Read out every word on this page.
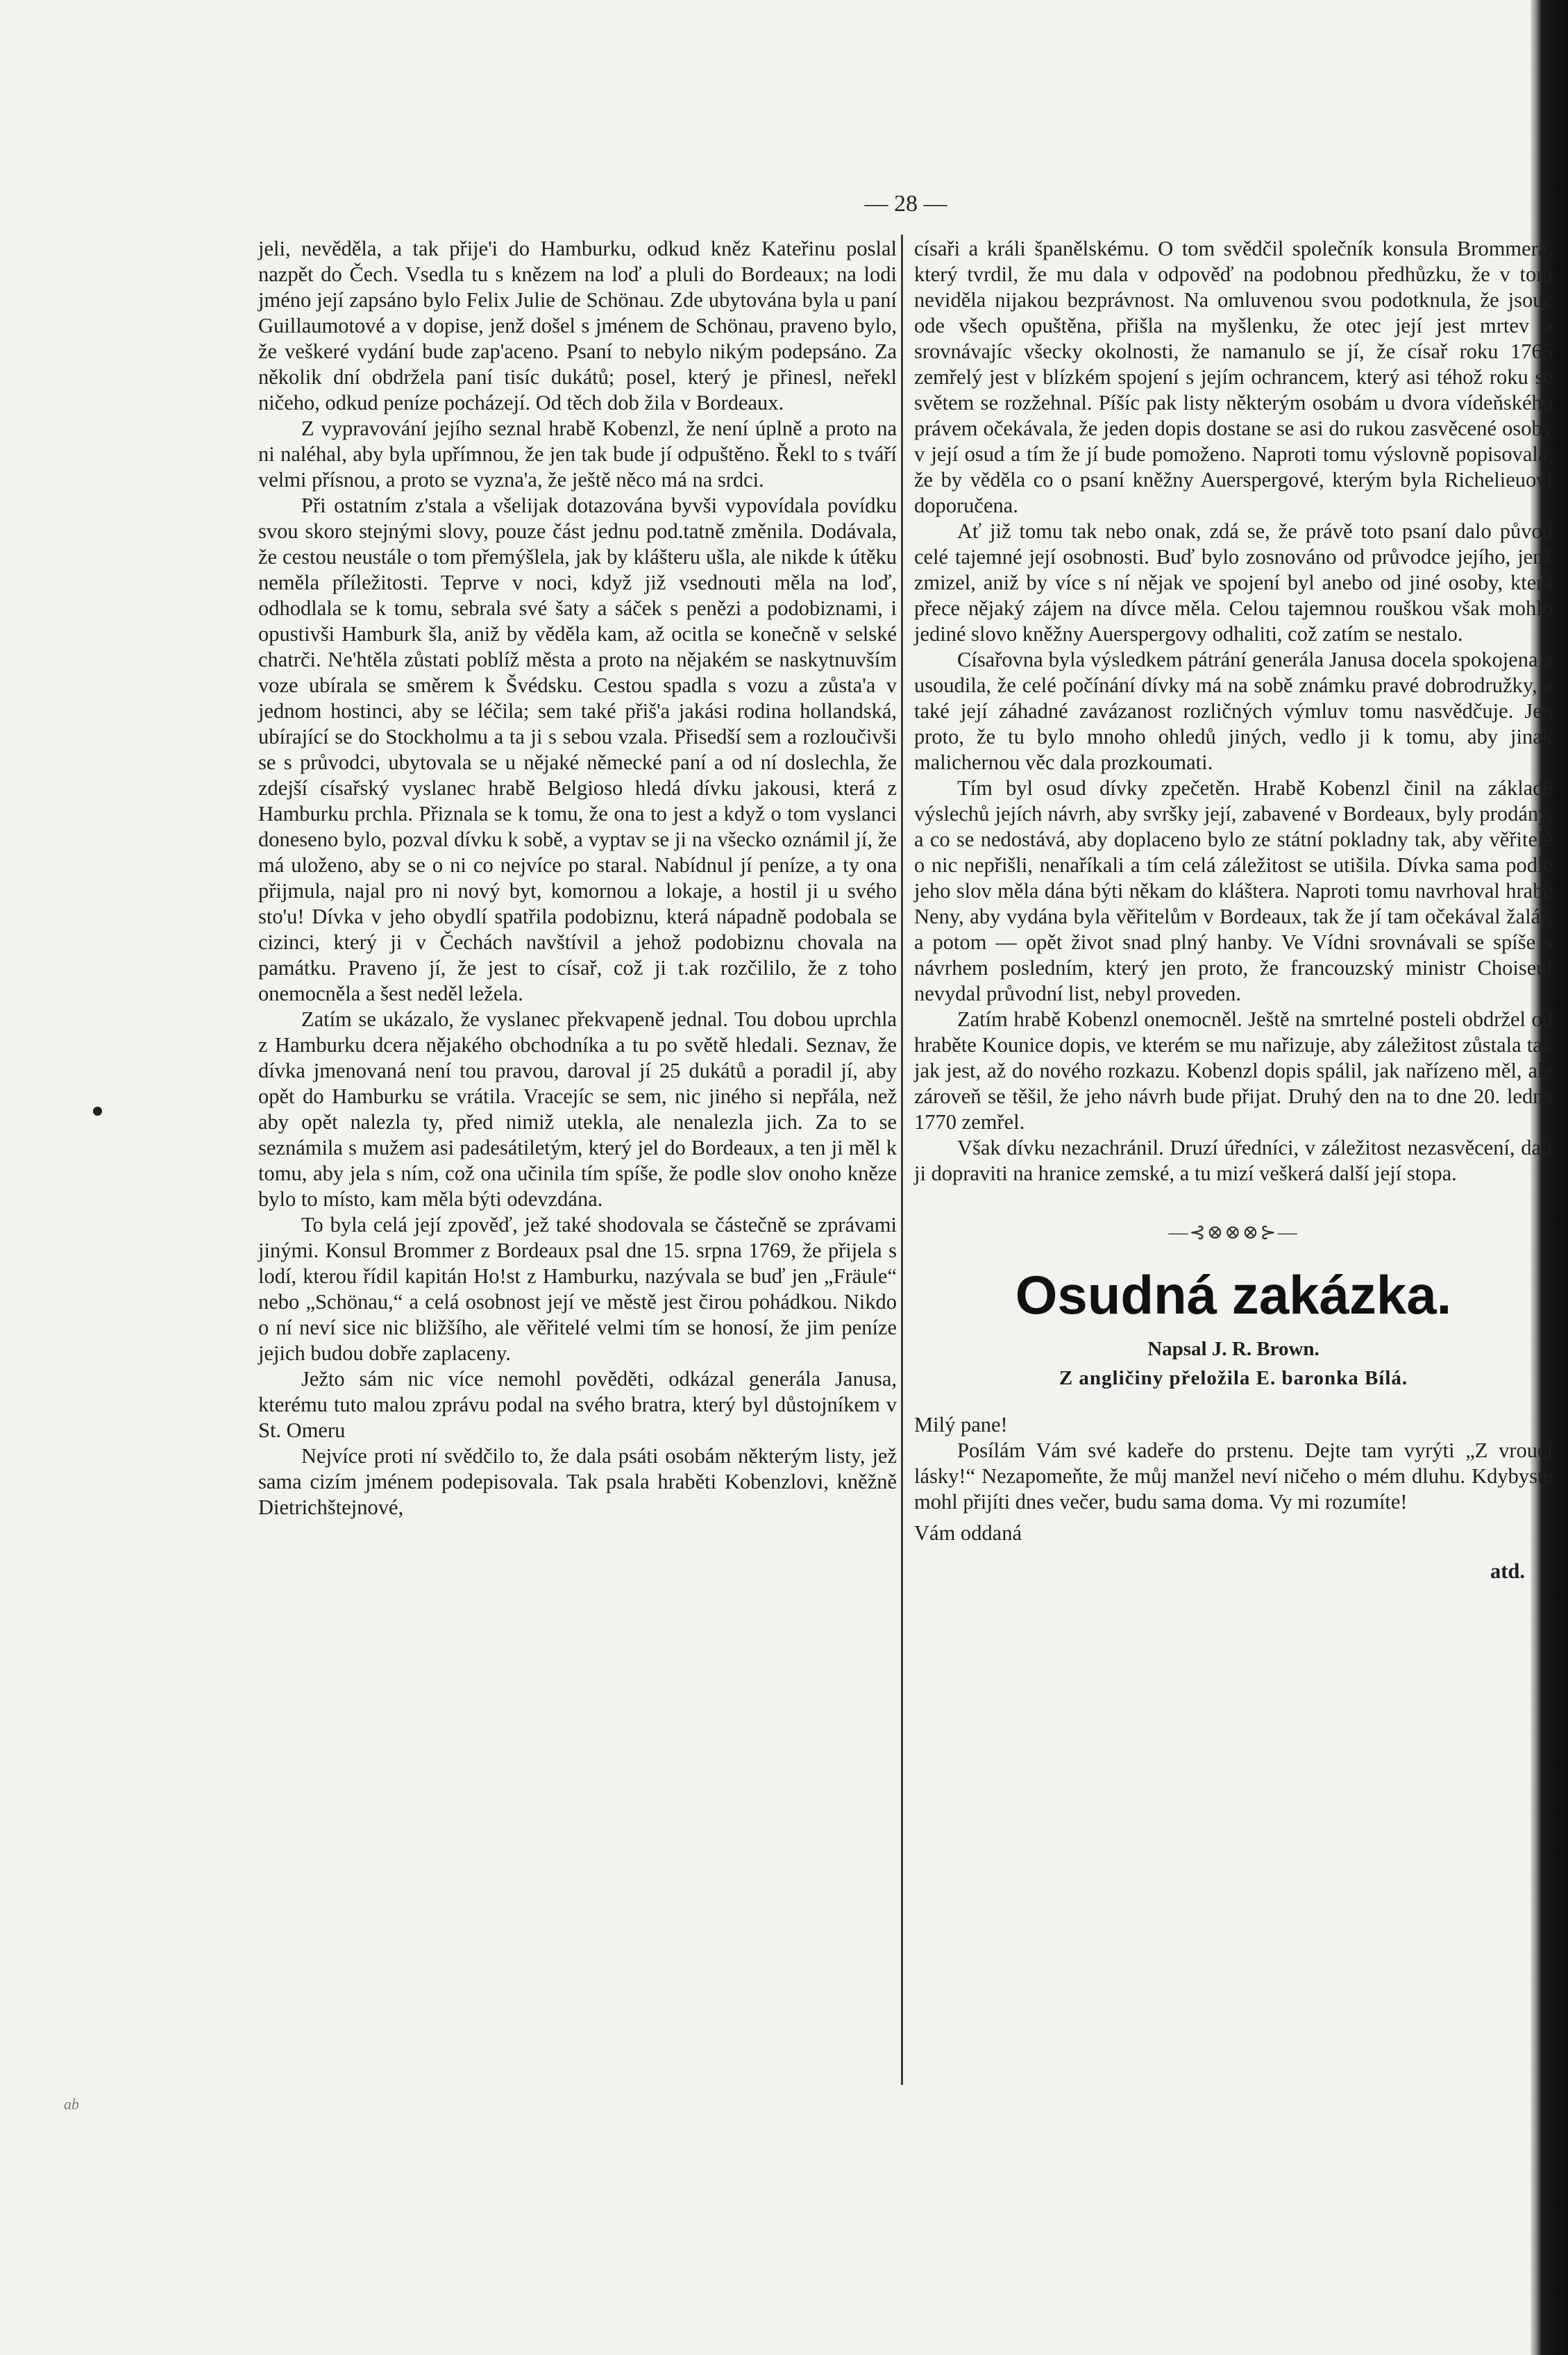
— 28 —

jeli, nevěděla, a tak přije'i do Hamburku, odkud kněz Kateřinu poslal nazpět do Čech. Vsedla tu s knězem na loď a pluli do Bordeaux; na lodi jméno její zapsáno bylo Felix Julie de Schönau. Zde ubytována byla u paní Guillaumotové a v dopise, jenž došel s jménem de Schönau, praveno bylo, že veškeré vydání bude zap'aceno. Psaní to nebylo nikým podepsáno. Za několik dní obdržela paní tisíc dukátů; posel, který je přinesl, neřekl ničeho, odkud peníze pocházejí. Od těch dob žila v Bordeaux.

Z vypravování jejího seznal hrabě Kobenzl, že není úplně a proto na ni naléhal, aby byla upřímnou, že jen tak bude jí odpuštěno. Řekl to s tváří velmi přísnou, a proto se vyzna'a, že ještě něco má na srdci.

Při ostatním z'stala a všelijak dotazována byvši vypovídala povídku svou skoro stejnými slovy, pouze část jednu pod.tatně změnila. Dodávala, že cestou neustále o tom přemýšlela, jak by klášteru ušla, ale nikde k útěku neměla příležitosti. Teprve v noci, když již vsednouti měla na loď, odhodlala se k tomu, sebrala své šaty a sáček s penězi a podobiznami, i opustivši Hamburk šla, aniž by věděla kam, až ocitla se konečně v selské chatrči. Ne'htěla zůstati poblíž města a proto na nějakém se naskytnuvším voze ubírala se směrem k Švédsku. Cestou spadla s vozu a zůsta'a v jednom hostinci, aby se léčila; sem také přiš'a jakási rodina hollandská, ubírající se do Stockholmu a ta ji s sebou vzala. Přisedší sem a rozloučivši se s průvodci, ubytovala se u nějaké německé paní a od ní doslechla, že zdejší císařský vyslanec hrabě Belgioso hledá dívku jakousi, která z Hamburku prchla. Přiznala se k tomu, že ona to jest a když o tom vyslanci doneseno bylo, pozval dívku k sobě, a vyptav se ji na všecko oznámil jí, že má uloženo, aby se o ni co nejvíce po staral. Nabídnul jí peníze, a ty ona přijmula, najal pro ni nový byt, komornou a lokaje, a hostil ji u svého sto'u! Dívka v jeho obydlí spatřila podobiznu, která nápadně podobala se cizinci, který ji v Čechách navštívil a jehož podobiznu chovala na památku. Praveno jí, že jest to císař, což ji t.ak rozčililo, že z toho onemocněla a šest neděl ležela.

Zatím se ukázalo, že vyslanec překvapeně jednal. Tou dobou uprchla z Hamburku dcera nějakého obchodníka a tu po světě hledali. Seznav, že dívka jmenovaná není tou pravou, daroval jí 25 dukátů a poradil jí, aby opět do Hamburku se vrátila. Vracejíc se sem, nic jiného si nepřála, než aby opět nalezla ty, před nimiž utekla, ale nenalezla jich. Za to se seznámila s mužem asi padesátiletým, který jel do Bordeaux, a ten ji měl k tomu, aby jela s ním, což ona učinila tím spíše, že podle slov onoho kněze bylo to místo, kam měla býti odevzdána.

To byla celá její zpověď, jež také shodovala se částečně se zprávami jinými. Konsul Brommer z Bordeaux psal dne 15. srpna 1769, že přijela s lodí, kterou řídil kapitán Ho!st z Hamburku, nazývala se buď jen „Fräule“ nebo „Schönau,“ a celá osobnost její ve městě jest čirou pohádkou. Nikdo o ní neví sice nic bližšího, ale věřitelé velmi tím se honosí, že jim peníze jejich budou dobře zaplaceny.

Ježto sám nic více nemohl pověděti, odkázal generála Janusa, kterému tuto malou zprávu podal na svého bratra, který byl důstojníkem v St. Omeru

Nejvíce proti ní svědčilo to, že dala psáti osobám některým listy, jež sama cizím jménem podepisovala. Tak psala hraběti Kobenzlovi, kněžně Dietrichštejnové,

císaři a králi španělskému. O tom svědčil společník konsula Brommera, který tvrdil, že mu dala v odpověď na podobnou předhůzku, že v tom neviděla nijakou bezprávnost. Na omluvenou svou podotknula, že jsouc ode všech opuštěna, přišla na myšlenku, že otec její jest mrtev a srovnávajíc všecky okolnosti, že namanulo se jí, že císař roku 1765 zemřelý jest v blízkém spojení s jejím ochrancem, který asi téhož roku se světem se rozžehnal. Píšíc pak listy některým osobám u dvora vídeňského právem očekávala, že jeden dopis dostane se asi do rukou zasvěcené osoby v její osud a tím že jí bude pomoženo. Naproti tomu výslovně popisovala, že by věděla co o psaní kněžny Auerspergové, kterým byla Richelieuovi doporučena.

Ať již tomu tak nebo onak, zdá se, že právě toto psaní dalo původ celé tajemné její osobnosti. Buď bylo zosnováno od průvodce jejího, jenž zmizel, aniž by více s ní nějak ve spojení byl anebo od jiné osoby, která přece nějaký zájem na dívce měla. Celou tajemnou rouškou však mohlo jediné slovo kněžny Auerspergovy odhaliti, což zatím se nestalo.

Císařovna byla výsledkem pátrání generála Janusa docela spokojena a usoudila, že celé počínání dívky má na sobě známku pravé dobrodružky, a také její záhadné zavázanost rozličných výmluv tomu nasvědčuje. Jen proto, že tu bylo mnoho ohledů jiných, vedlo ji k tomu, aby jinak malichernou věc dala prozkoumati.

Tím byl osud dívky zpečetěn. Hrabě Kobenzl činil na základě výslechů jejích návrh, aby svršky její, zabavené v Bordeaux, byly prodány, a co se nedostává, aby doplaceno bylo ze státní pokladny tak, aby věřitelé o nic nepřišli, nenaříkali a tím celá záležitost se utišila. Dívka sama podle jeho slov měla dána býti někam do kláštera. Naproti tomu navrhoval hrabě Neny, aby vydána byla věřitelům v Bordeaux, tak že jí tam očekával žalář, a potom — opět život snad plný hanby. Ve Vídni srovnávali se spíše s návrhem posledním, který jen proto, že francouzský ministr Choiseul nevydal průvodní list, nebyl proveden.

Zatím hrabě Kobenzl onemocněl. Ještě na smrtelné posteli obdržel od hraběte Kounice dopis, ve kterém se mu nařizuje, aby záležitost zůstala tak jak jest, až do nového rozkazu. Kobenzl dopis spálil, jak nařízeno měl, ale zároveň se těšil, že jeho návrh bude přijat. Druhý den na to dne 20. ledna 1770 zemřel.

Však dívku nezachránil. Druzí úředníci, v záležitost nezasvěcení, dali ji dopraviti na hranice zemské, a tu mizí veškerá další její stopa.

—⊰⊗⊗⊗⊱—
Osudná zakázka.
Napsal J. R. Brown.
Z angličiny přeložila E. baronka Bílá.

Milý pane!

Posílám Vám své kadeře do prstenu. Dejte tam vyrýti „Z vroucí lásky!“ Nezapomeňte, že můj manžel neví ničeho o mém dluhu. Kdybyste mohl přijíti dnes večer, budu sama doma. Vy mi rozumíte!

Vám oddaná

atd.

ab
